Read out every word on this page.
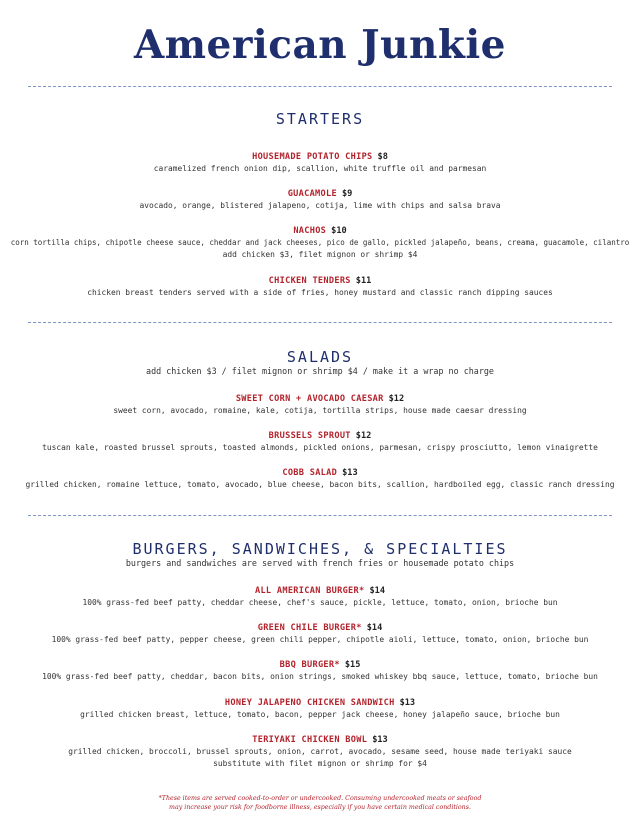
American Junkie
STARTERS
HOUSEMADE POTATO CHIPS $8
caramelized french onion dip, scallion, white truffle oil and parmesan
GUACAMOLE $9
avocado, orange, blistered jalapeno, cotija, lime with chips and salsa brava
NACHOS $10
corn tortilla chips, chipotle cheese sauce, cheddar and jack cheeses, pico de gallo, pickled jalapeño, beans, creama, guacamole, cilantro
add chicken $3, filet mignon or shrimp $4
CHICKEN TENDERS $11
chicken breast tenders served with a side of fries, honey mustard and classic ranch dipping sauces
SALADS
add chicken $3 / filet mignon or shrimp $4 / make it a wrap no charge
SWEET CORN + AVOCADO CAESAR $12
sweet corn, avocado, romaine, kale, cotija, tortilla strips, house made caesar dressing
BRUSSELS SPROUT $12
tuscan kale, roasted brussel sprouts, toasted almonds, pickled onions, parmesan, crispy prosciutto, lemon vinaigrette
COBB SALAD $13
grilled chicken, romaine lettuce, tomato, avocado, blue cheese, bacon bits, scallion, hardboiled egg, classic ranch dressing
BURGERS, SANDWICHES, & SPECIALTIES
burgers and sandwiches are served with french fries or housemade potato chips
ALL AMERICAN BURGER* $14
100% grass-fed beef patty, cheddar cheese, chef's sauce, pickle, lettuce, tomato, onion, brioche bun
GREEN CHILE BURGER* $14
100% grass-fed beef patty, pepper cheese, green chili pepper, chipotle aioli, lettuce, tomato, onion, brioche bun
BBQ BURGER* $15
100% grass-fed beef patty, cheddar, bacon bits, onion strings, smoked whiskey bbq sauce, lettuce, tomato, brioche bun
HONEY JALAPENO CHICKEN SANDWICH $13
grilled chicken breast, lettuce, tomato, bacon, pepper jack cheese, honey jalapeño sauce, brioche bun
TERIYAKI CHICKEN BOWL $13
grilled chicken, broccoli, brussel sprouts, onion, carrot, avocado, sesame seed, house made teriyaki sauce
substitute with filet mignon or shrimp for $4
*These items are served cooked-to-order or undercooked. Consuming undercooked meats or seafood
may increase your risk for foodborne illness, especially if you have certain medical conditions.
